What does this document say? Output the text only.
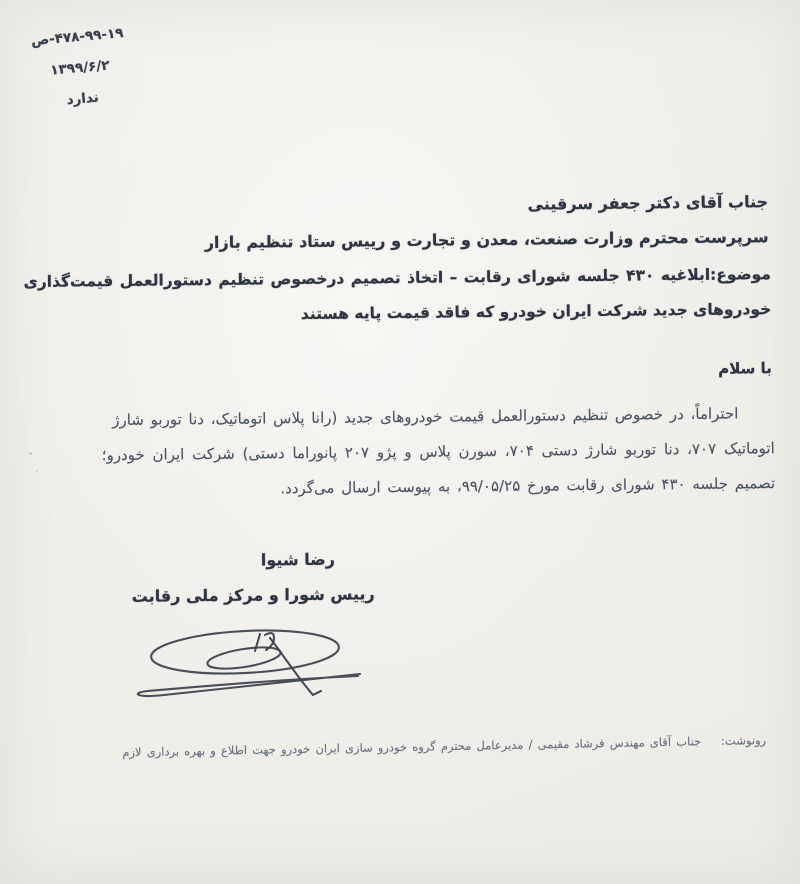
۴۷۸-۹۹-۱۹-ص
۱۳۹۹/۶/۲
ندارد
جناب آقای دکتر جعفر سرقینی
سرپرست محترم وزارت صنعت، معدن و تجارت و رییس ستاد تنظیم بازار
موضوع:ابلاغیه ۴۳۰ جلسه شورای رقابت – اتخاذ تصمیم درخصوص تنظیم دستورالعمل قیمت‌گذاری
خودروهای جدید شرکت ایران خودرو که فاقد قیمت پایه هستند
با سلام
احتراماً، در خصوص تنظیم دستورالعمل قیمت خودروهای جدید (رانا پلاس اتوماتیک، دنا توربو شارژ
اتوماتیک ۷۰۷، دنا توربو شارژ دستی ۷۰۴، سورن پلاس و پژو ۲۰۷ پانوراما دستی) شرکت ایران خودرو؛
تصمیم جلسه ۴۳۰ شورای رقابت مورخ ۹۹/۰۵/۲۵، به پیوست ارسال می‌گردد.
رضا شیوا
رییس شورا و مرکز ملی رقابت
رونوشت:جناب آقای مهندس فرشاد مقیمی / مدیرعامل محترم گروه خودرو سازی ایران خودرو جهت اطلاع و بهره برداری لازم
